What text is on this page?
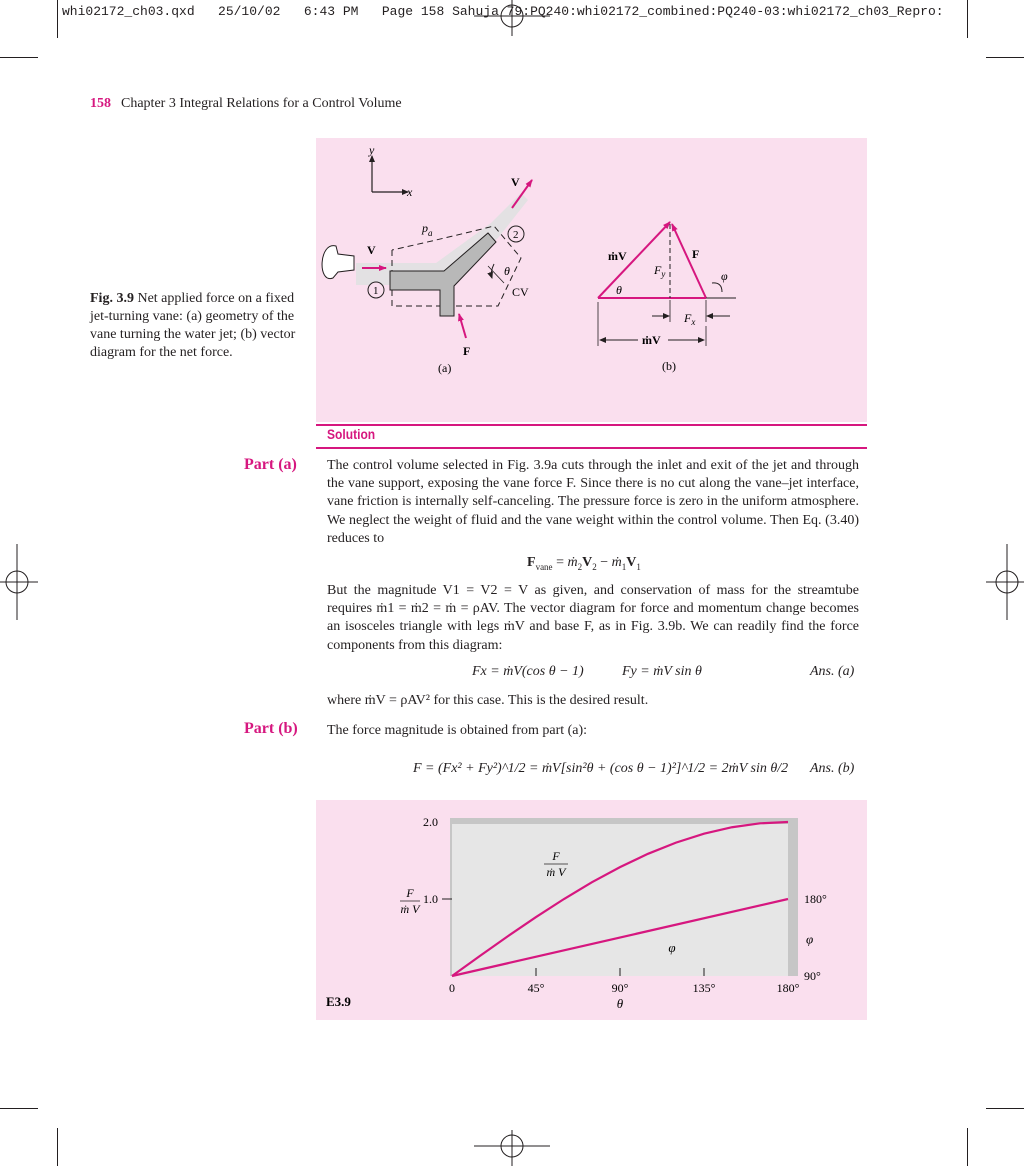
whi02172_ch03.qxd   25/10/02   6:43 PM   Page 158 Sahuja 79:PQ240:whi02172_combined:PQ240-03:whi02172_ch03_Repro:
158 Chapter 3 Integral Relations for a Control Volume
Fig. 3.9 Net applied force on a fixed jet-turning vane: (a) geometry of the vane turning the water jet; (b) vector diagram for the net force.
y
x
V
V
$p_a$
1
2
θ
CV
F
(a)
ṁV	F
$F_y$	φ
θ
$F_x$
ṁV
(b)
Solution
Part (a) The control volume selected in Fig. 3.9a cuts through the inlet and exit of the jet and through the vane support, exposing the vane force F. Since there is no cut along the vane–jet interface, vane friction is internally self-canceling. The pressure force is zero in the uniform atmosphere. We neglect the weight of fluid and the vane weight within the control volume. Then Eq. (3.40) reduces to
$F_{vane}$ = $ṁ_2V_2$ − $ṁ_1V_1$
But the magnitude V1 = V2 = V as given, and conservation of mass for the streamtube requires ṁ1 = ṁ2 = ṁ = ρAV. The vector diagram for force and momentum change becomes an isosceles triangle with legs ṁV and base F, as in Fig. 3.9b. We can readily find the force components from this diagram:
Fx = ṁV(cos θ − 1)	Fy = ṁV sin θ	Ans. (a)
where ṁV = ρAV² for this case. This is the desired result.
Part (b) The force magnitude is obtained from part (a):
F = (Fx² + Fy²)^1/2 = ṁV[sin²θ + (cos θ − 1)²]^1/2 = 2ṁV sin θ/2 Ans. (b)
0	45°	90°	135°	180°
θ
1.0
2.0
F
ṁ V
90°
180°
φ
F
ṁ V
φ
E3.9
